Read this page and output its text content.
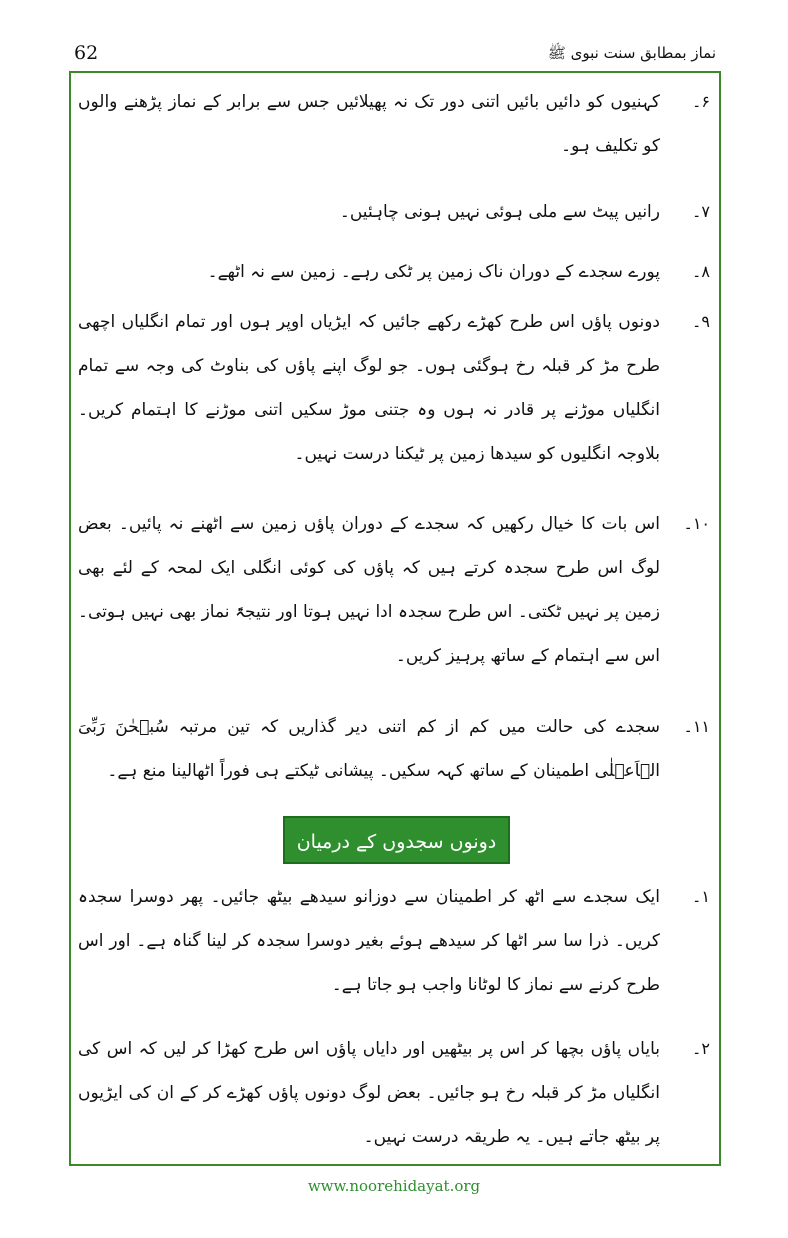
62	نماز بمطابق سنت نبوی ﷺ
۶۔
کہنیوں کو دائیں بائیں اتنی دور تک نہ پھیلائیں جس سے برابر کے نماز پڑھنے والوں کو تکلیف ہو۔
۷۔
رانیں پیٹ سے ملی ہوئی نہیں ہونی چاہئیں۔
۸۔
پورے سجدے کے دوران ناک زمین پر ٹکی رہے۔ زمین سے نہ اٹھے۔
۹۔
دونوں پاؤں اس طرح کھڑے رکھے جائیں کہ ایڑیاں اوپر ہوں اور تمام انگلیاں اچھی طرح مڑ کر قبلہ رخ ہوگئی ہوں۔ جو لوگ اپنے پاؤں کی بناوٹ کی وجہ سے تمام انگلیاں موڑنے پر قادر نہ ہوں وہ جتنی موڑ سکیں اتنی موڑنے کا اہتمام کریں۔ بلاوجہ انگلیوں کو سیدھا زمین پر ٹیکنا درست نہیں۔
۱۰۔
اس بات کا خیال رکھیں کہ سجدے کے دوران پاؤں زمین سے اٹھنے نہ پائیں۔ بعض لوگ اس طرح سجدہ کرتے ہیں کہ پاؤں کی کوئی انگلی ایک لمحہ کے لئے بھی زمین پر نہیں ٹکتی۔ اس طرح سجدہ ادا نہیں ہوتا اور نتیجۃً نماز بھی نہیں ہوتی۔ اس سے اہتمام کے ساتھ پرہیز کریں۔
۱۱۔
سجدے کی حالت میں کم از کم اتنی دیر گذاریں کہ تین مرتبہ سُبۡحٰنَ رَبِّیَ الۡاَعۡلٰی اطمینان کے ساتھ کہہ سکیں۔ پیشانی ٹیکتے ہی فوراً اٹھالینا منع ہے۔
۱۔
ایک سجدے سے اٹھ کر اطمینان سے دوزانو سیدھے بیٹھ جائیں۔ پھر دوسرا سجدہ کریں۔ ذرا سا سر اٹھا کر سیدھے ہوئے بغیر دوسرا سجدہ کر لینا گناہ ہے۔ اور اس طرح کرنے سے نماز کا لوٹانا واجب ہو جاتا ہے۔
۲۔
بایاں پاؤں بچھا کر اس پر بیٹھیں اور دایاں پاؤں اس طرح کھڑا کر لیں کہ اس کی انگلیاں مڑ کر قبلہ رخ ہو جائیں۔ بعض لوگ دونوں پاؤں کھڑے کر کے ان کی ایڑیوں پر بیٹھ جاتے ہیں۔ یہ طریقہ درست نہیں۔
دونوں سجدوں کے درمیان
www.noorehidayat.org
